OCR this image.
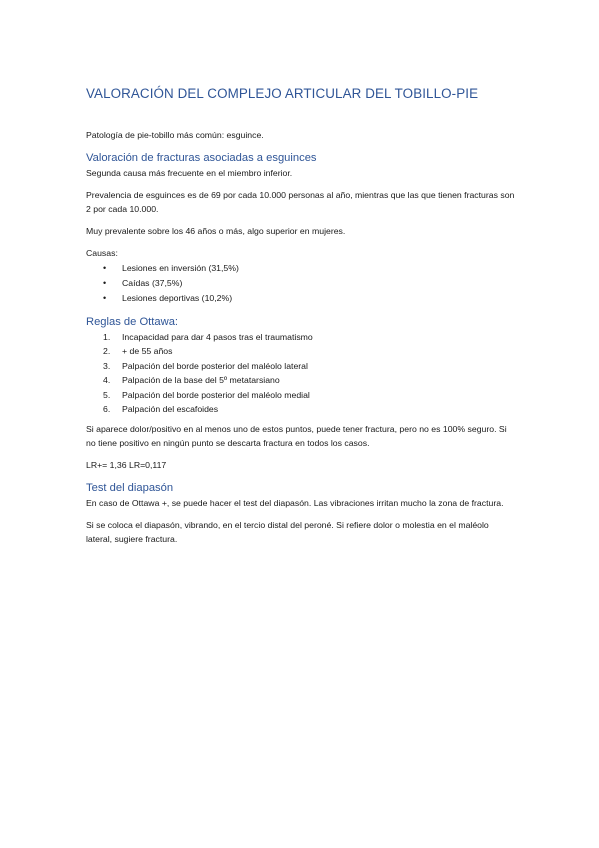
VALORACIÓN DEL COMPLEJO ARTICULAR DEL TOBILLO-PIE

Patología de pie-tobillo más común: esguince.

Valoración de fracturas asociadas a esguinces

Segunda causa más frecuente en el miembro inferior.

Prevalencia de esguinces es de 69 por cada 10.000 personas al año, mientras que las que tienen fracturas son 2 por cada 10.000.

Muy prevalente sobre los 46 años o más, algo superior en mujeres.

Causas:

• Lesiones en inversión (31,5%)
• Caídas (37,5%)
• Lesiones deportivas (10,2%)
Reglas de Ottawa:
1. Incapacidad para dar 4 pasos tras el traumatismo
2. + de 55 años
3. Palpación del borde posterior del maléolo lateral
4. Palpación de la base del 5º metatarsiano
5. Palpación del borde posterior del maléolo medial
6. Palpación del escafoides

Si aparece dolor/positivo en al menos uno de estos puntos, puede tener fractura, pero no es 100% seguro. Si no tiene positivo en ningún punto se descarta fractura en todos los casos.

LR+= 1,36 LR=0,117

Test del diapasón

En caso de Ottawa +, se puede hacer el test del diapasón. Las vibraciones irritan mucho la zona de fractura.

Si se coloca el diapasón, vibrando, en el tercio distal del peroné. Si refiere dolor o molestia en el maléolo lateral, sugiere fractura.
